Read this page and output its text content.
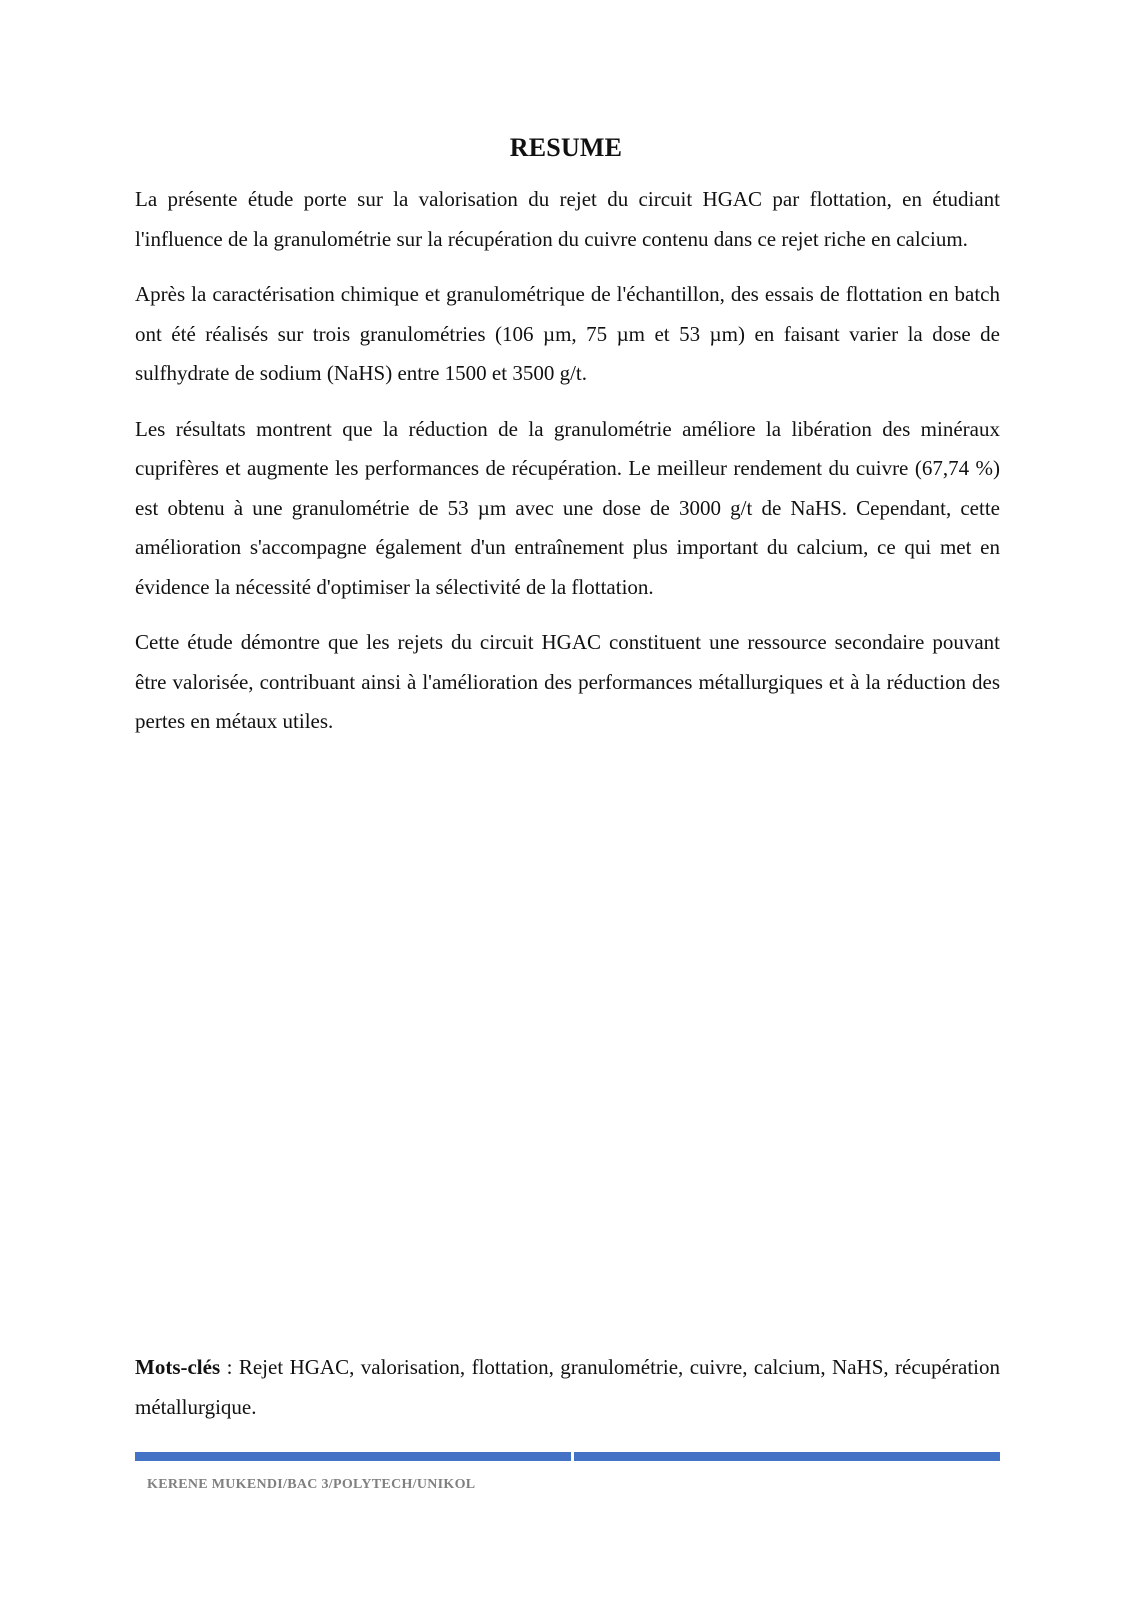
RESUME

La présente étude porte sur la valorisation du rejet du circuit HGAC par flottation, en étudiant l'influence de la granulométrie sur la récupération du cuivre contenu dans ce rejet riche en calcium.

Après la caractérisation chimique et granulométrique de l'échantillon, des essais de flottation en batch ont été réalisés sur trois granulométries (106 µm, 75 µm et 53 µm) en faisant varier la dose de sulfhydrate de sodium (NaHS) entre 1500 et 3500 g/t.

Les résultats montrent que la réduction de la granulométrie améliore la libération des minéraux cuprifères et augmente les performances de récupération. Le meilleur rendement du cuivre (67,74 %) est obtenu à une granulométrie de 53 µm avec une dose de 3000 g/t de NaHS. Cependant, cette amélioration s'accompagne également d'un entraînement plus important du calcium, ce qui met en évidence la nécessité d'optimiser la sélectivité de la flottation.

Cette étude démontre que les rejets du circuit HGAC constituent une ressource secondaire pouvant être valorisée, contribuant ainsi à l'amélioration des performances métallurgiques et à la réduction des pertes en métaux utiles.

Mots-clés : Rejet HGAC, valorisation, flottation, granulométrie, cuivre, calcium, NaHS, récupération métallurgique.

KERENE MUKENDI/BAC 3/POLYTECH/UNIKOL
